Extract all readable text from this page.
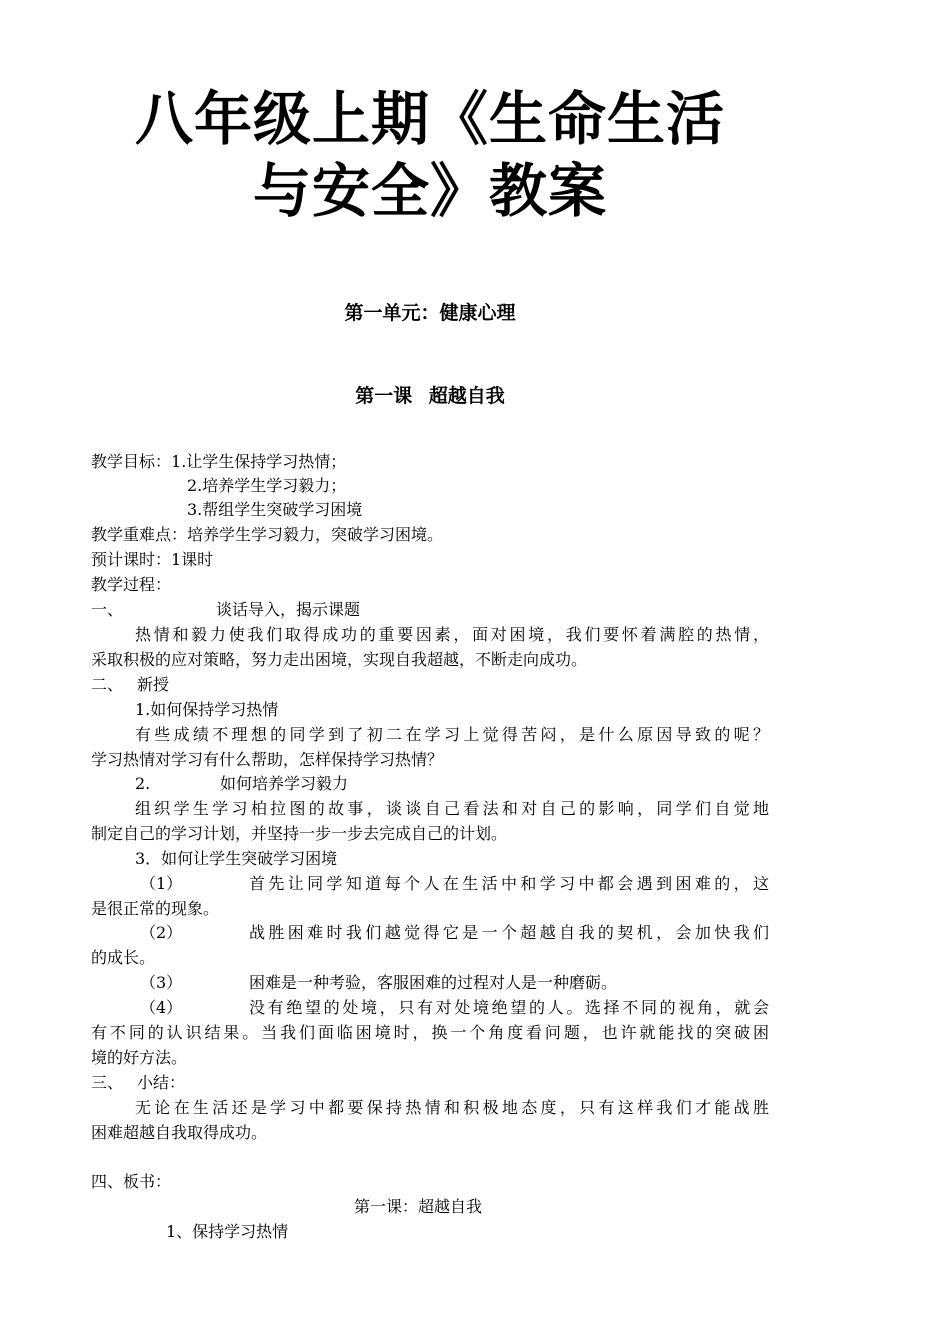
八年级上期《生命生活
与安全》教案
第一单元：健康心理
第一课 超越自我
教学目标：1.让学生保持学习热情；
2.培养学生学习毅力；
3.帮组学生突破学习困境
教学重难点：培养学生学习毅力，突破学习困境。
预计课时：1课时
教学过程：
一、	谈话导入，揭示课题
热情和毅力使我们取得成功的重要因素，面对困境，我们要怀着满腔的热情，
采取积极的应对策略，努力走出困境，实现自我超越，不断走向成功。
二、 新授
1.如何保持学习热情
有些成绩不理想的同学到了初二在学习上觉得苦闷，是什么原因导致的呢？
学习热情对学习有什么帮助，怎样保持学习热情？
2.	如何培养学习毅力
组织学生学习柏拉图的故事，谈谈自己看法和对自己的影响，同学们自觉地
制定自己的学习计划，并坚持一步一步去完成自己的计划。
3．如何让学生突破学习困境
（1）	首先让同学知道每个人在生活中和学习中都会遇到困难的，这
是很正常的现象。
（2）	战胜困难时我们越觉得它是一个超越自我的契机，会加快我们
的成长。
（3）	困难是一种考验，客服困难的过程对人是一种磨砺。
（4）	没有绝望的处境，只有对处境绝望的人。选择不同的视角，就会
有不同的认识结果。当我们面临困境时，换一个角度看问题，也许就能找的突破困
境的好方法。
三、 小结：
无论在生活还是学习中都要保持热情和积极地态度，只有这样我们才能战胜
困难超越自我取得成功。
四、板书：
第一课：超越自我
1、保持学习热情
